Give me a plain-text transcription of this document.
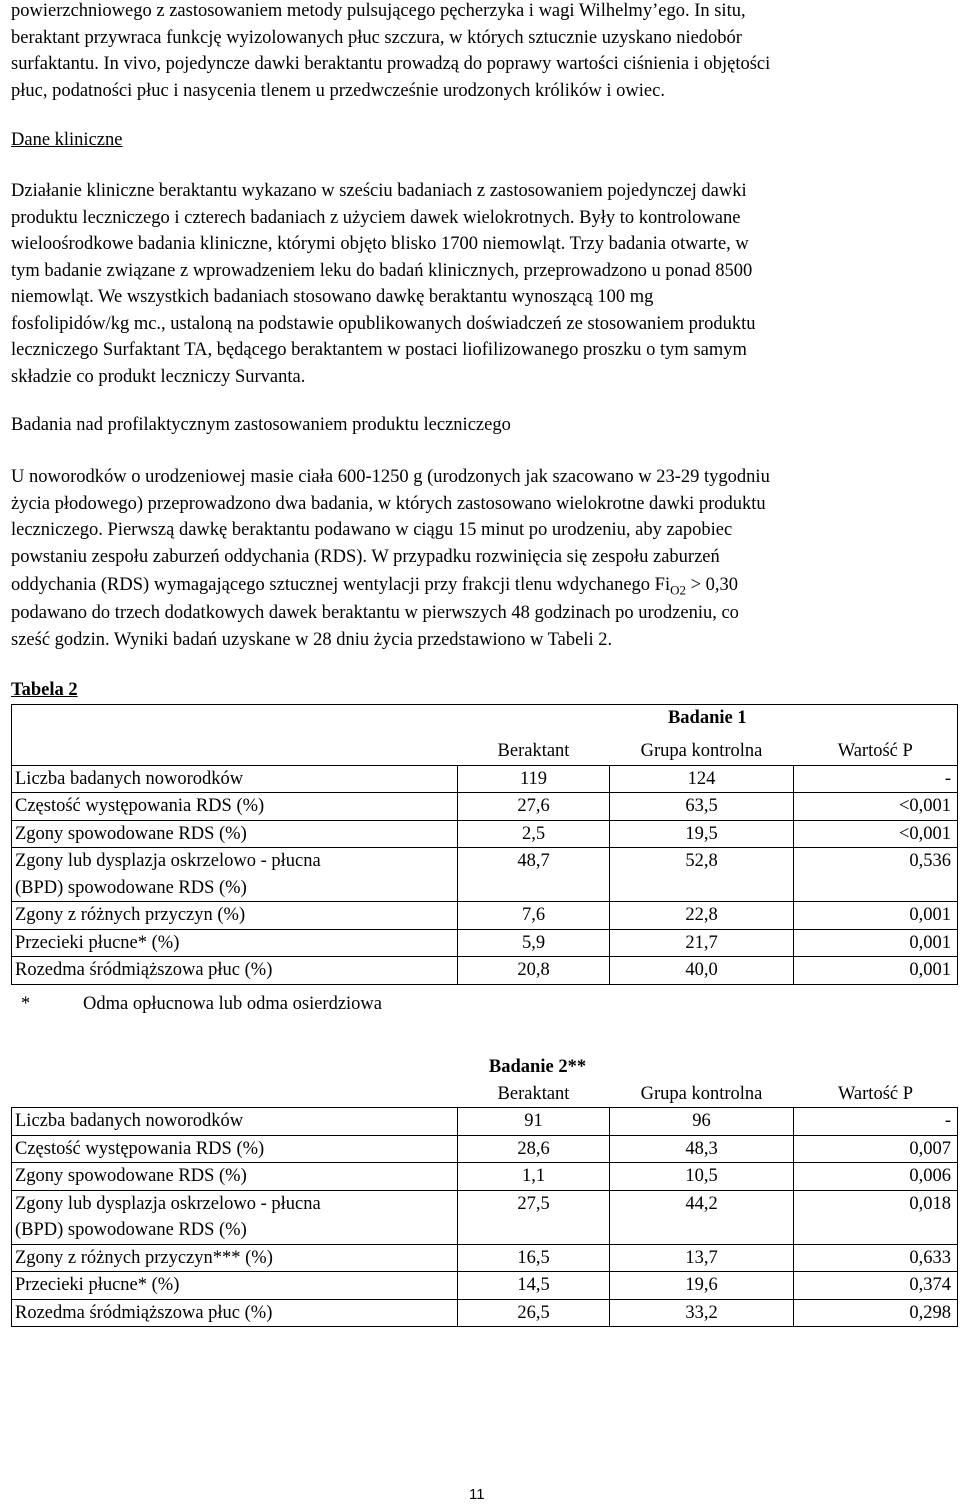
powierzchniowego z zastosowaniem metody pulsującego pęcherzyka i wagi Wilhelmy’ego. In situ,

beraktant przywraca funkcję wyizolowanych płuc szczura, w których sztucznie uzyskano niedobór

surfaktantu. In vivo, pojedyncze dawki beraktantu prowadzą do poprawy wartości ciśnienia i objętości

płuc, podatności płuc i nasycenia tlenem u przedwcześnie urodzonych królików i owiec.

Dane kliniczne

Działanie kliniczne beraktantu wykazano w sześciu badaniach z zastosowaniem pojedynczej dawki

produktu leczniczego i czterech badaniach z użyciem dawek wielokrotnych. Były to kontrolowane

wieloośrodkowe badania kliniczne, którymi objęto blisko 1700 niemowląt. Trzy badania otwarte, w

tym badanie związane z wprowadzeniem leku do badań klinicznych, przeprowadzono u ponad 8500

niemowląt. We wszystkich badaniach stosowano dawkę beraktantu wynoszącą 100 mg

fosfolipidów/kg mc., ustaloną na podstawie opublikowanych doświadczeń ze stosowaniem produktu

leczniczego Surfaktant TA, będącego beraktantem w postaci liofilizowanego proszku o tym samym

składzie co produkt leczniczy Survanta.

Badania nad profilaktycznym zastosowaniem produktu leczniczego

U noworodków o urodzeniowej masie ciała 600-1250 g (urodzonych jak szacowano w 23-29 tygodniu

życia płodowego) przeprowadzono dwa badania, w których zastosowano wielokrotne dawki produktu

leczniczego. Pierwszą dawkę beraktantu podawano w ciągu 15 minut po urodzeniu, aby zapobiec

powstaniu zespołu zaburzeń oddychania (RDS). W przypadku rozwinięcia się zespołu zaburzeń

oddychania (RDS) wymagającego sztucznej wentylacji przy frakcji tlenu wdychanego $Fi_{O2} > 0,30$

podawano do trzech dodatkowych dawek beraktantu w pierwszych 48 godzinach po urodzeniu, co

sześć godzin. Wyniki badań uzyskane w 28 dniu życia przedstawiono w Tabeli 2.

Tabela 2

	Badanie 1		
	Beraktant	Grupa kontrolna	Wartość P
Liczba badanych noworodków	119	124	-
Częstość występowania RDS (%)	27,6	63,5	<0,001
Zgony spowodowane RDS (%)	2,5	19,5	<0,001
Zgony lub dysplazja oskrzelowo - płucna
(BPD) spowodowane RDS (%)	48,7	52,8	0,536
Zgony z różnych przyczyn (%)	7,6	22,8	0,001
Przecieki płucne* (%)	5,9	21,7	0,001
Rozedma śródmiąższowa płuc (%)	20,8	40,0	0,001

*	Odma opłucnowa lub odma osierdziowa

	Badanie 2**		
	Beraktant	Grupa kontrolna	Wartość P
Liczba badanych noworodków	91	96	-
Częstość występowania RDS (%)	28,6	48,3	0,007
Zgony spowodowane RDS (%)	1,1	10,5	0,006
Zgony lub dysplazja oskrzelowo - płucna
(BPD) spowodowane RDS (%)	27,5	44,2	0,018
Zgony z różnych przyczyn*** (%)	16,5	13,7	0,633
Przecieki płucne* (%)	14,5	19,6	0,374
Rozedma śródmiąższowa płuc (%)	26,5	33,2	0,298
11
